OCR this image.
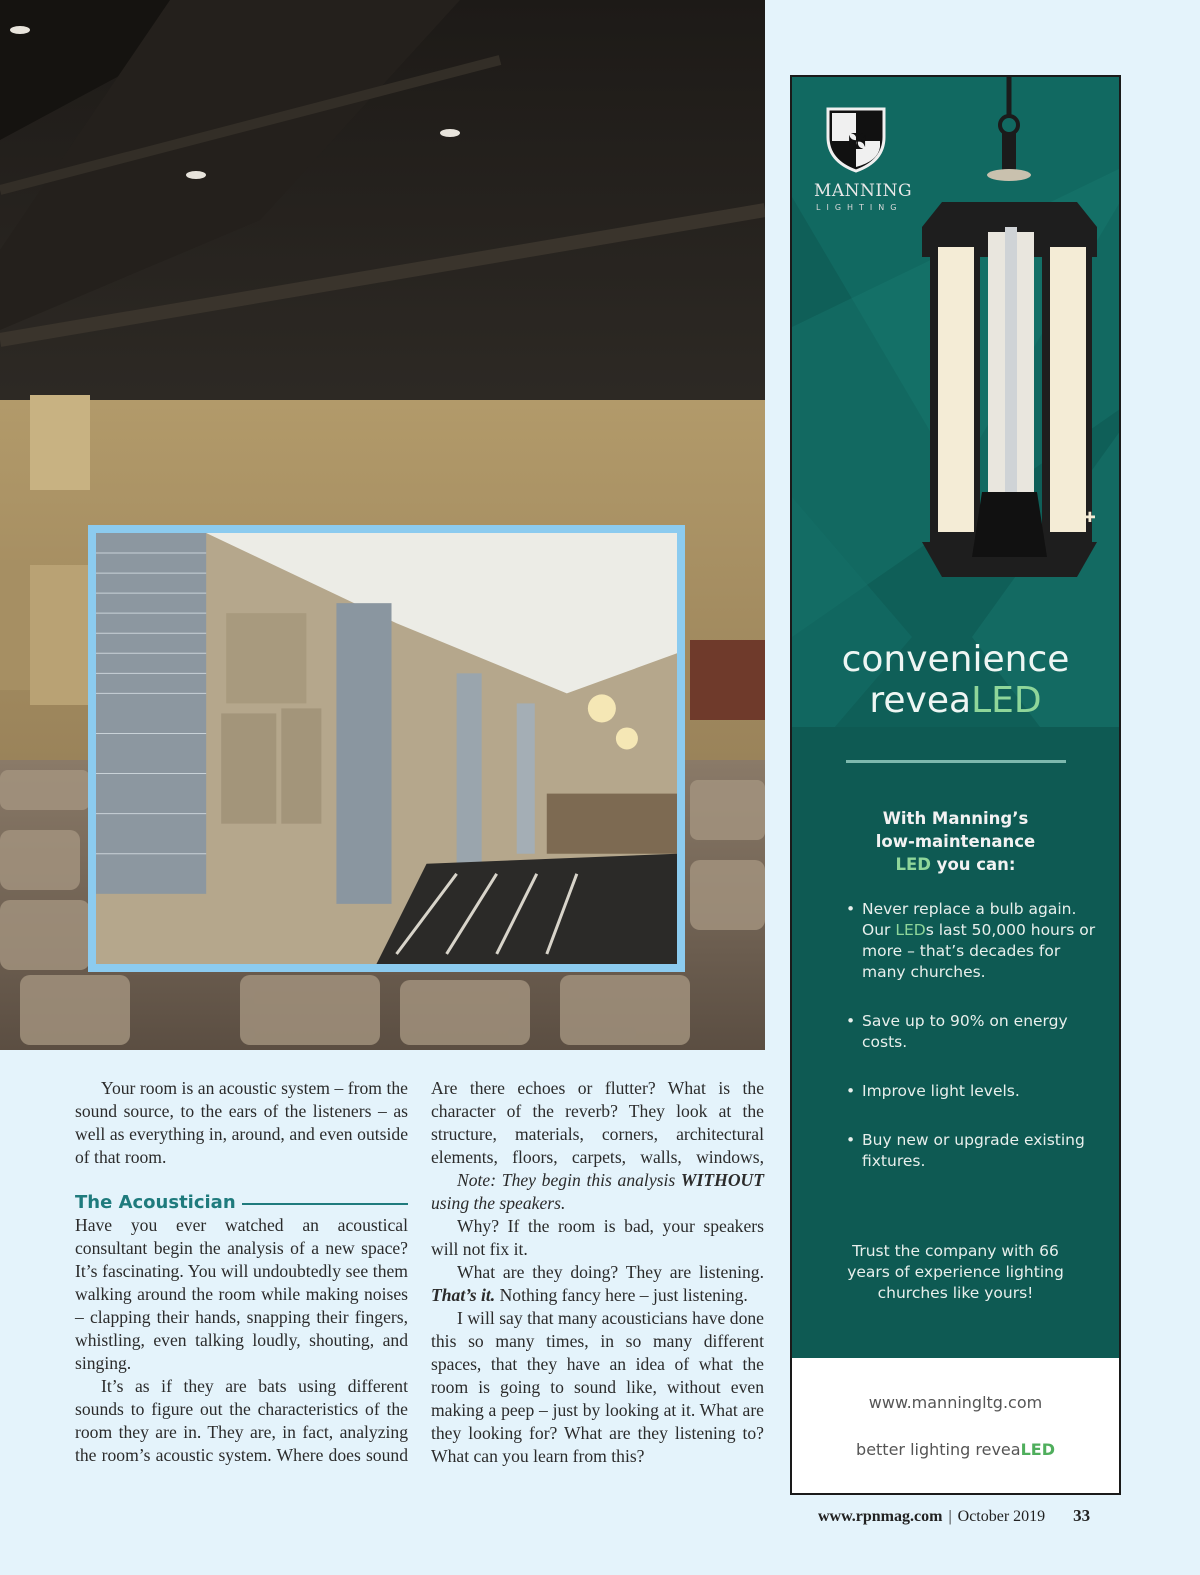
Your room is an acoustic system – from the sound source, to the ears of the listeners – as well as everything in, around, and even outside of that room.

The Acoustician

Have you ever watched an acoustical consultant begin the analysis of a new space? It’s fascinating. You will undoubtedly see them walking around the room while making noises – clapping their hands, snapping their fingers, whistling, even talking loudly, shouting, and singing.

It’s as if they are bats using different sounds to figure out the characteristics of the room they are in. They are, in fact, analyzing the room’s acoustic system. Where does sound

Are there echoes or flutter? What is the character of the reverb? They look at the structure, materials, corners, architectural elements, floors, carpets, walls, windows,

Note: They begin this analysis WITHOUT using the speakers.

Why? If the room is bad, your speakers will not fix it.

What are they doing? They are listening. That’s it. Nothing fancy here – just listening.

I will say that many acousticians have done this so many times, in so many different spaces, that they have an idea of what the room is going to sound like, without even making a peep – just by looking at it. What are they looking for? What are they listening to? What can you learn from this?

✚	✚
✠
MANNING
LIGHTING
convenience
reveaLED
With Manning’s
low-maintenance
LED you can:
• Never replace a bulb again. Our LEDs last 50,000 hours or more – that’s decades for many churches.
• Save up to 90% on energy costs.
• Improve light levels.
• Buy new or upgrade existing fixtures.
Trust the company with 66 years of experience lighting churches like yours!
www.manningltg.com
better lighting reveaLED
www.rpnmag.com | October 2019 33
